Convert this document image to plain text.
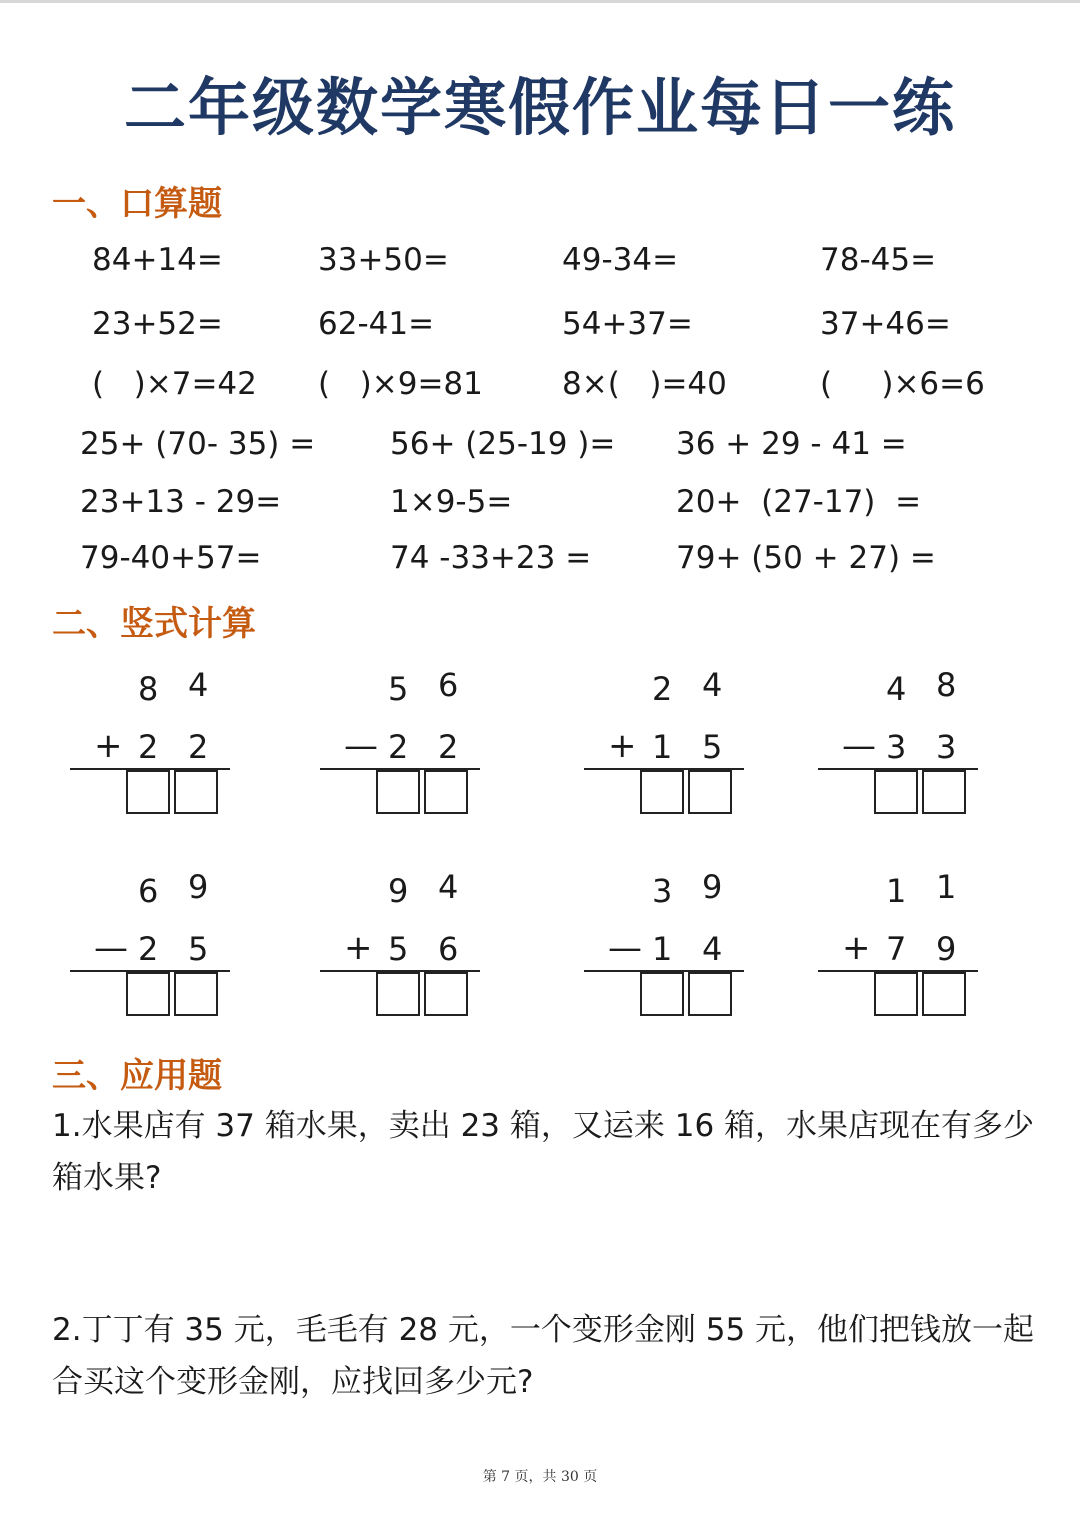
二年级数学寒假作业每日一练
一、口算题
84+14=	33+50=	49-34=	78-45=
23+52=	62-41=	54+37=	37+46=
(   )×7=42 (   )×9=81	8×(   )=40	(     )×6=6
25+ (70- 35) = 56+ (25-19 )= 36 + 29 - 41 =
23+13 - 29=	1×9-5=	20+  (27-17)  =
79-40+57=	74 -33+23 =	79+ (50 + 27) =
二、竖式计算
8 4
+ 2 2
5 6
— 2 2
2 4
+ 1 5
4 8
— 3 3
6 9
— 2 5
9 4
+ 5 6
3 9
— 1 4
1 1
+ 7 9
三、应用题
1.水果店有 37 箱水果，卖出 23 箱，又运来 16 箱，水果店现在有多少箱水果?
2.丁丁有 35 元，毛毛有 28 元，一个变形金刚 55 元，他们把钱放一起合买这个变形金刚，应找回多少元?
第 7 页，共 30 页
